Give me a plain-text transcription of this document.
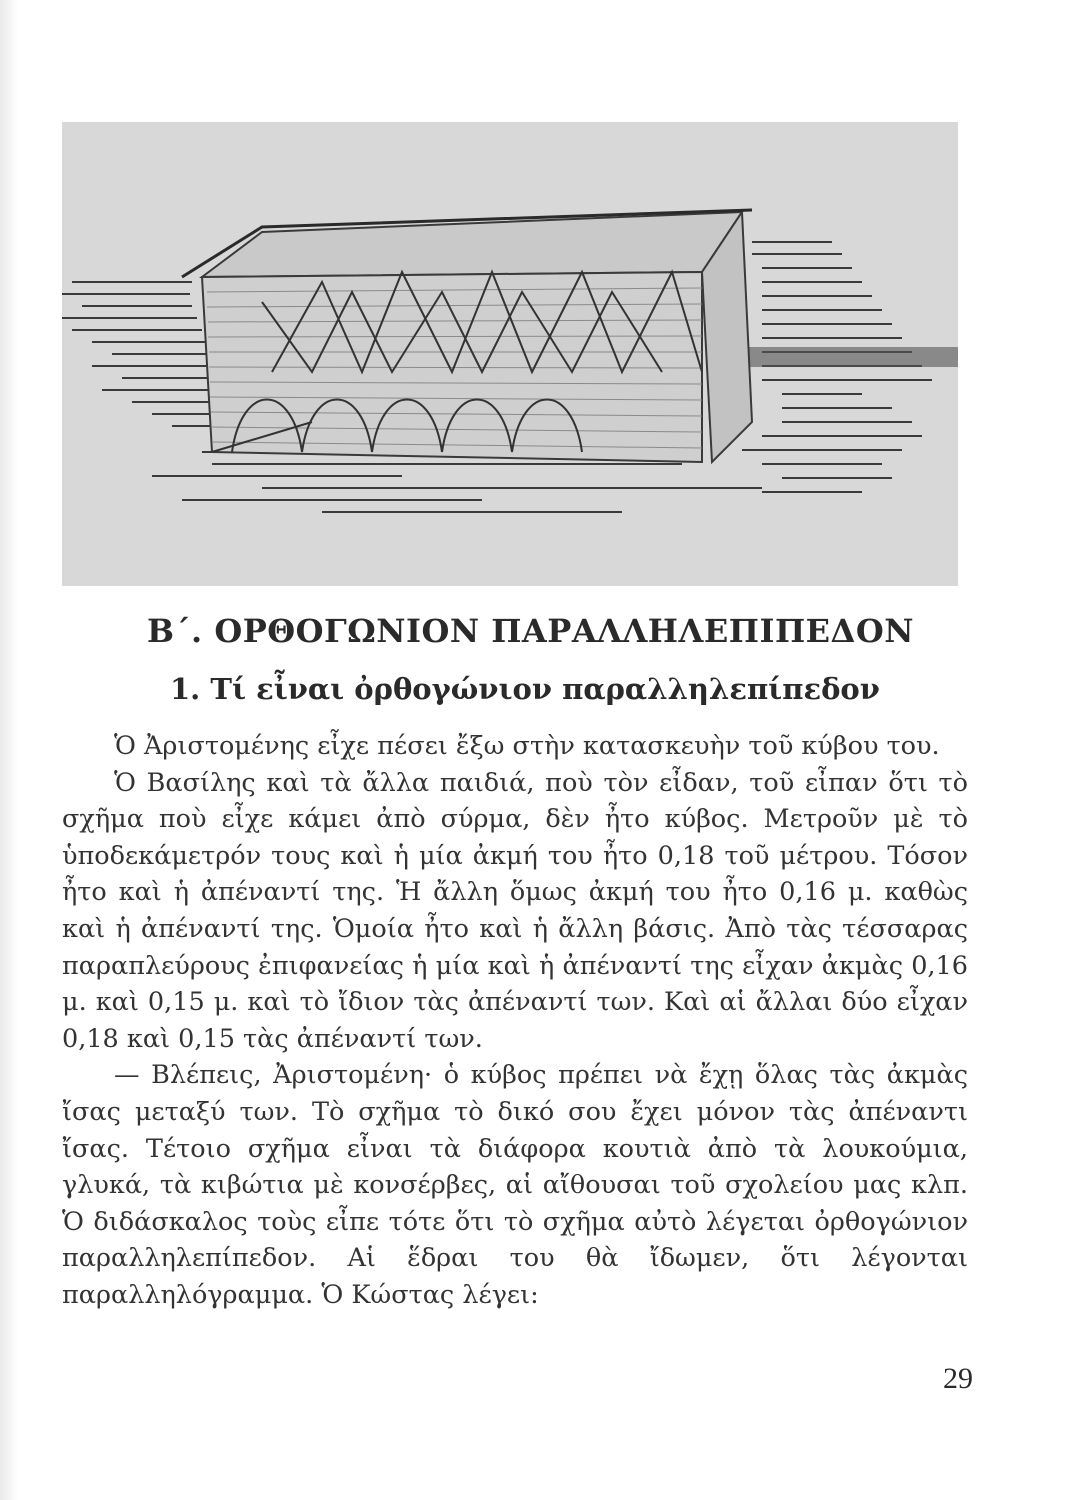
Β΄. ΟΡΘΟΓΩΝΙΟΝ ΠΑΡΑΛΛΗΛΕΠΙΠΕΔΟΝ
1. Τί εἶναι ὀρθογώνιον παραλληλεπίπεδον

Ὁ Ἀριστομένης εἶχε πέσει ἔξω στὴν κατασκευὴν τοῦ κύβου του.

Ὁ Βασίλης καὶ τὰ ἄλλα παιδιά, ποὺ τὸν εἶδαν, τοῦ εἶπαν ὅτι τὸ σχῆμα ποὺ εἶχε κάμει ἀπὸ σύρμα, δὲν ἦτο κύβος. Μετροῦν μὲ τὸ ὑποδεκάμετρόν τους καὶ ἡ μία ἀκμή του ἦτο 0,18 τοῦ μέτρου. Τόσον ἦτο καὶ ἡ ἀπέναντί της. Ἡ ἄλλη ὅμως ἀκμή του ἦτο 0,16 μ. καθὼς καὶ ἡ ἀπέναντί της. Ὁμοία ἦτο καὶ ἡ ἄλλη βάσις. Ἀπὸ τὰς τέσσαρας παραπλεύρους ἐπιφανείας ἡ μία καὶ ἡ ἀπέναντί της εἶχαν ἀκμὰς 0,16 μ. καὶ 0,15 μ. καὶ τὸ ἴδιον τὰς ἀπέναντί των. Καὶ αἱ ἄλλαι δύο εἶχαν 0,18 καὶ 0,15 τὰς ἀπέναντί των.

— Βλέπεις, Ἀριστομένη· ὁ κύβος πρέπει νὰ ἔχῃ ὅλας τὰς ἀκμὰς ἴσας μεταξύ των. Τὸ σχῆμα τὸ δικό σου ἔχει μόνον τὰς ἀπέναντι ἴσας. Τέτοιο σχῆμα εἶναι τὰ διάφορα κουτιὰ ἀπὸ τὰ λουκούμια, γλυκά, τὰ κιβώτια μὲ κονσέρβες, αἱ αἴθουσαι τοῦ σχολείου μας κλπ. Ὁ διδάσκαλος τοὺς εἶπε τότε ὅτι τὸ σχῆμα αὐτὸ λέγεται ὀρθογώνιον παραλληλεπίπεδον. Αἱ ἕδραι του θὰ ἴδωμεν, ὅτι λέγονται παραλληλόγραμμα. Ὁ Κώστας λέγει:

29
